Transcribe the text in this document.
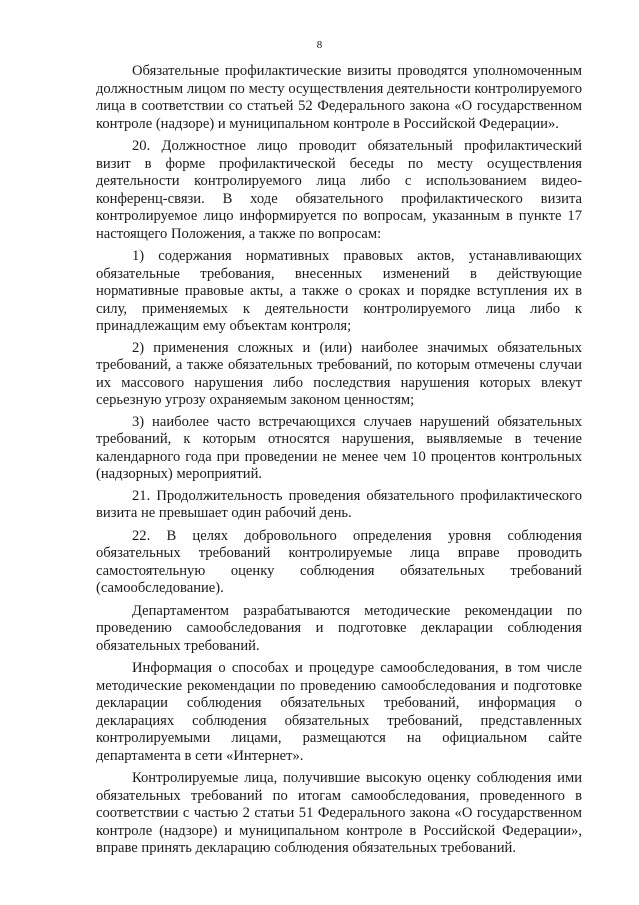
8

Обязательные профилактические визиты проводятся уполномоченным должностным лицом по месту осуществления деятельности контролируемого лица в соответствии со статьей 52 Федерального закона «О государственном контроле (надзоре) и муниципальном контроле в Российской Федерации».

20. Должностное лицо проводит обязательный профилактический визит в форме профилактической беседы по месту осуществления деятельности контролируемого лица либо с использованием видео-конференц-связи. В ходе обязательного профилактического визита контролируемое лицо информируется по вопросам, указанным в пункте 17 настоящего Положения, а также по вопросам:

1) содержания нормативных правовых актов, устанавливающих обязательные требования, внесенных изменений в действующие нормативные правовые акты, а также о сроках и порядке вступления их в силу, применяемых к деятельности контролируемого лица либо к принадлежащим ему объектам контроля;

2) применения сложных и (или) наиболее значимых обязательных требований, а также обязательных требований, по которым отмечены случаи их массового нарушения либо последствия нарушения которых влекут серьезную угрозу охраняемым законом ценностям;

3) наиболее часто встречающихся случаев нарушений обязательных требований, к которым относятся нарушения, выявляемые в течение календарного года при проведении не менее чем 10 процентов контрольных (надзорных) мероприятий.

21. Продолжительность проведения обязательного профилактического визита не превышает один рабочий день.

22. В целях добровольного определения уровня соблюдения обязательных требований контролируемые лица вправе проводить самостоятельную оценку соблюдения обязательных требований (самообследование).

Департаментом разрабатываются методические рекомендации по проведению самообследования и подготовке декларации соблюдения обязательных требований.

Информация о способах и процедуре самообследования, в том числе методические рекомендации по проведению самообследования и подготовке декларации соблюдения обязательных требований, информация о декларациях соблюдения обязательных требований, представленных контролируемыми лицами, размещаются на официальном сайте департамента в сети «Интернет».

Контролируемые лица, получившие высокую оценку соблюдения ими обязательных требований по итогам самообследования, проведенного в соответствии с частью 2 статьи 51 Федерального закона «О государственном контроле (надзоре) и муниципальном контроле в Российской Федерации», вправе принять декларацию соблюдения обязательных требований.
